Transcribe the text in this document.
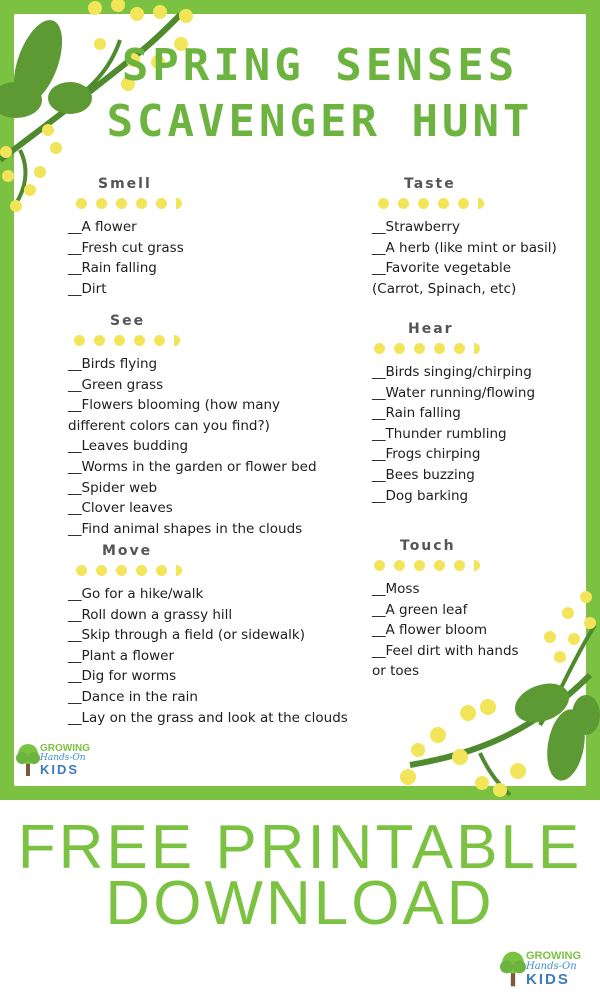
SPRING SENSES
SCAVENGER HUNT
Smell
__A flower
__Fresh cut grass
__Rain falling
__Dirt
Taste
__Strawberry
__A herb (like mint or basil)
__Favorite vegetable
(Carrot, Spinach, etc)
See
__Birds flying
__Green grass
__Flowers blooming (how many
different colors can you find?)
__Leaves budding
__Worms in the garden or flower bed
__Spider web
__Clover leaves
__Find animal shapes in the clouds
Hear
__Birds singing/chirping
__Water running/flowing
__Rain falling
__Thunder rumbling
__Frogs chirping
__Bees buzzing
__Dog barking
Move
__Go for a hike/walk
__Roll down a grassy hill
__Skip through a field (or sidewalk)
__Plant a flower
__Dig for worms
__Dance in the rain
__Lay on the grass and look at the clouds
Touch
__Moss
__A green leaf
__A flower bloom
__Feel dirt with hands
or toes
GROWING
Hands-On
KIDS
FREE PRINTABLE
DOWNLOAD
GROWING
Hands-On
KIDS
